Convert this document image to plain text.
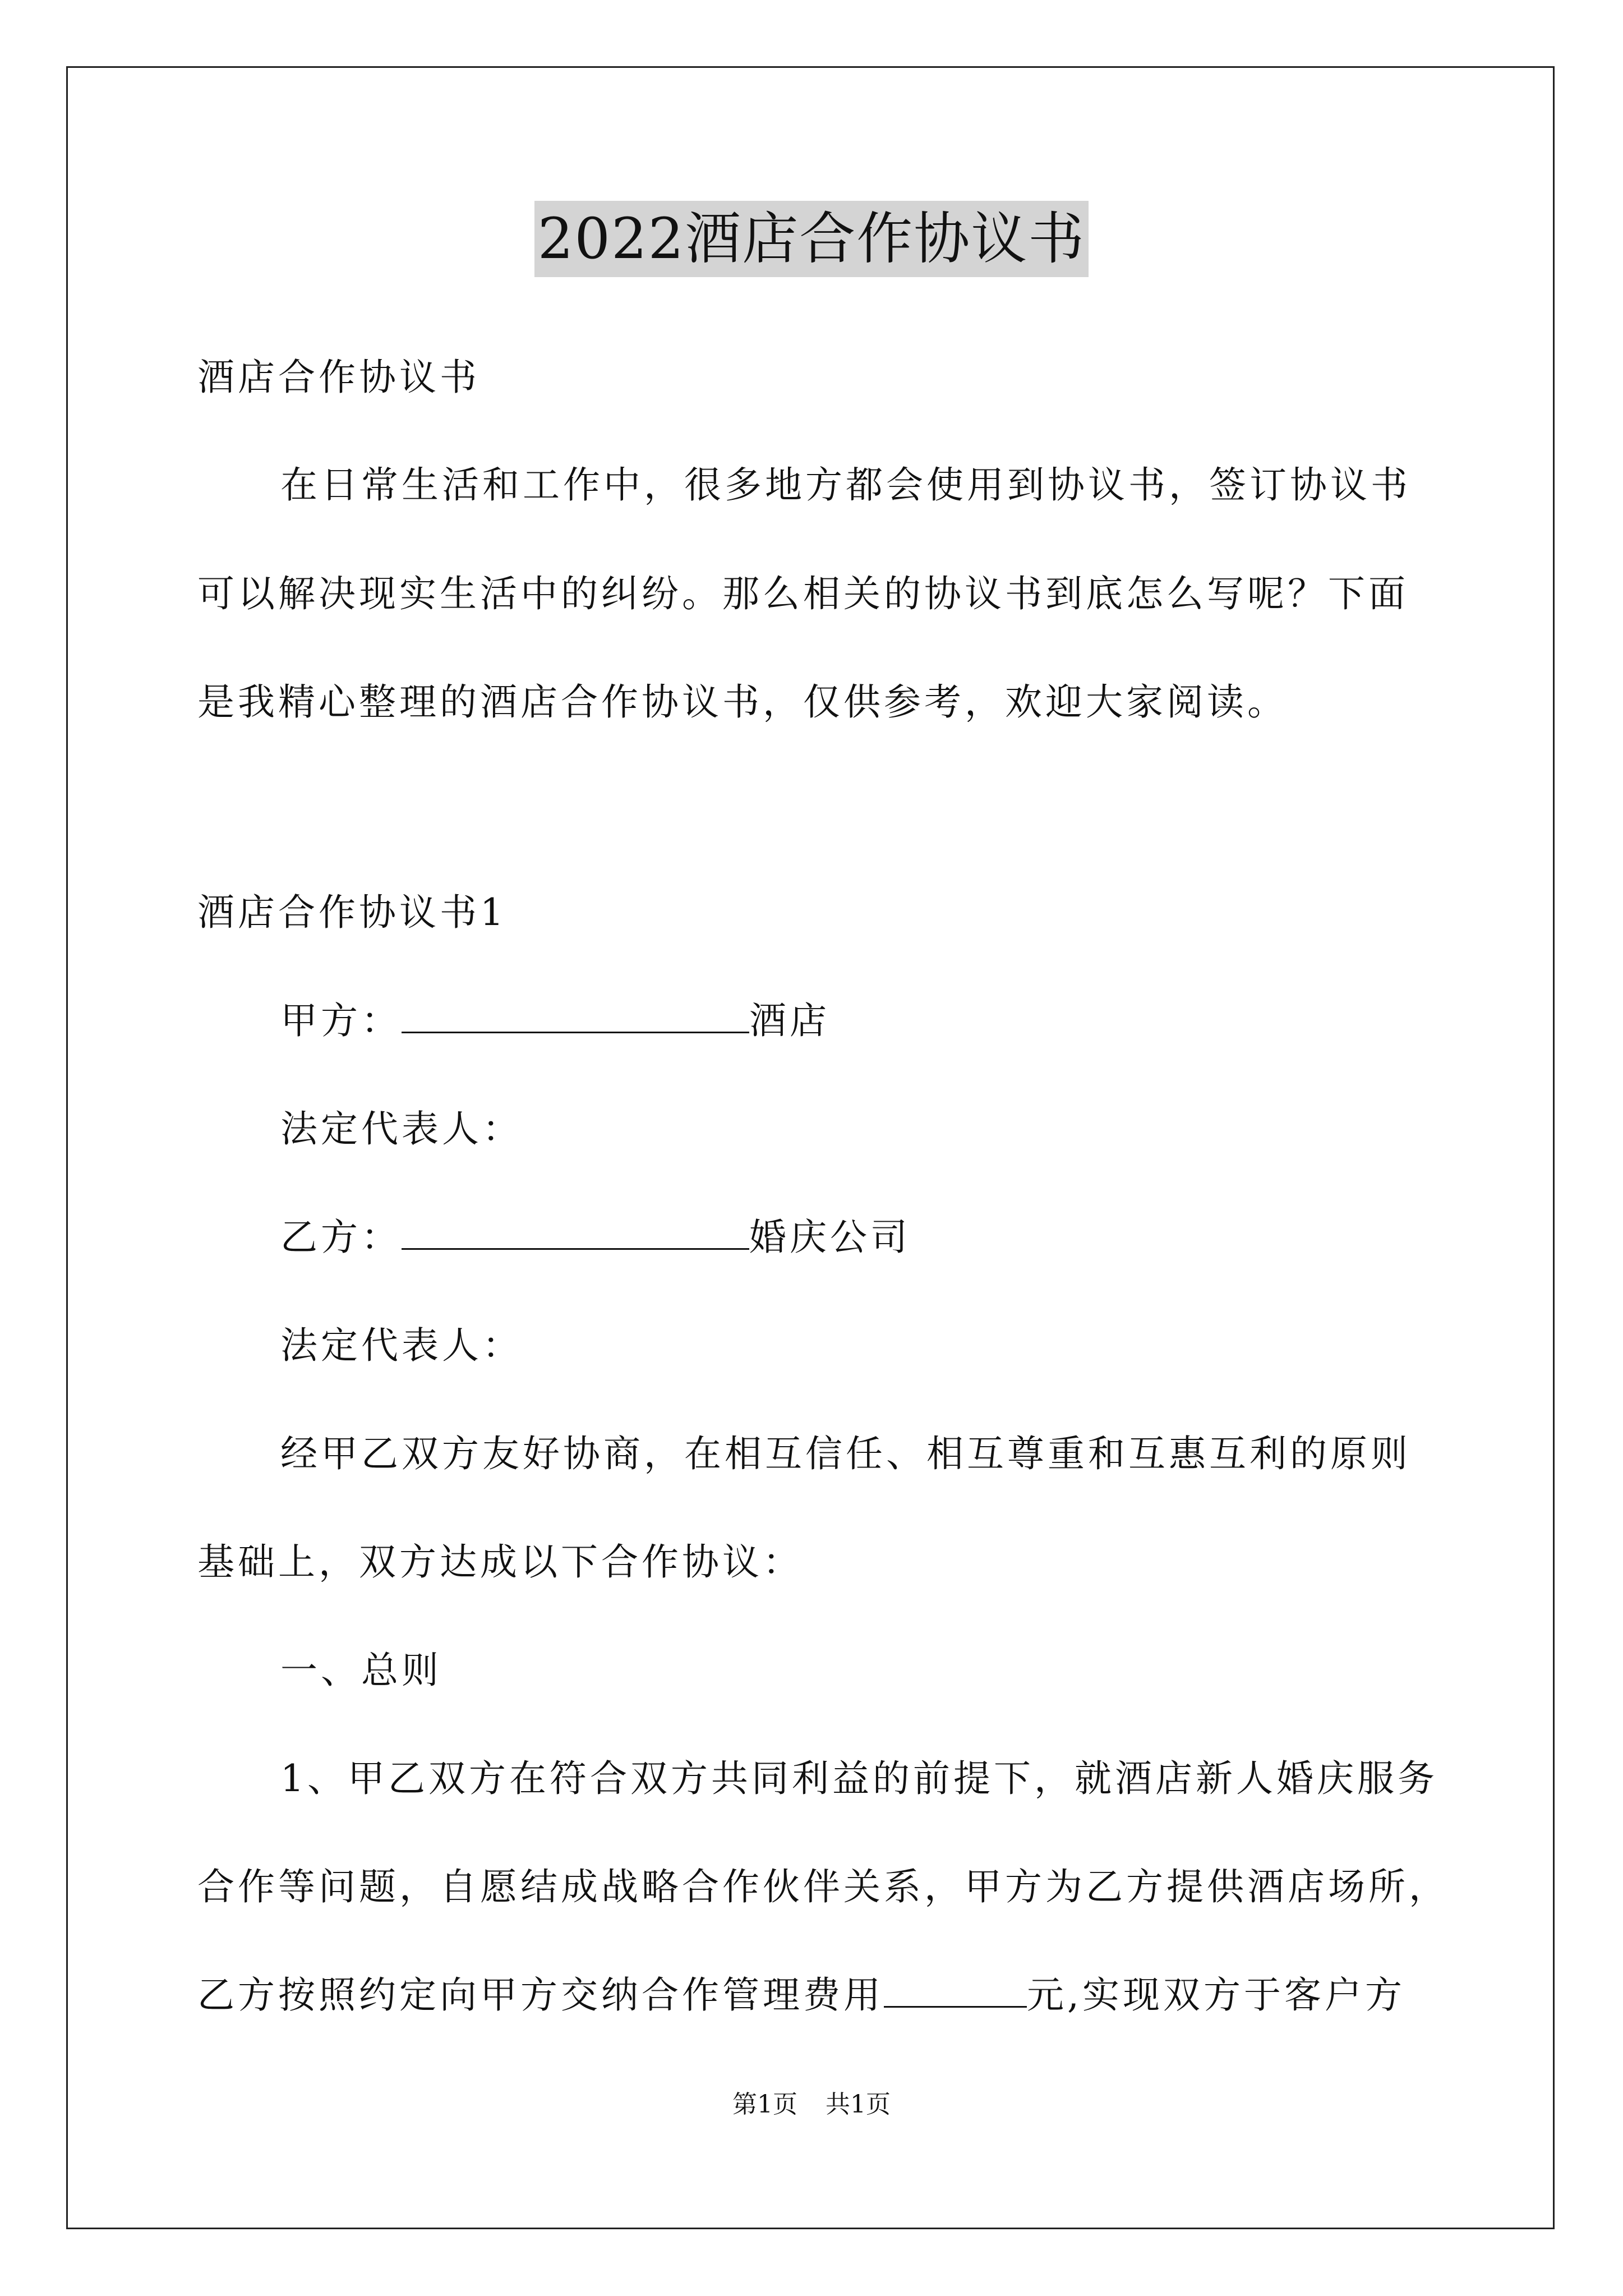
2022酒店合作协议书
酒店合作协议书
在日常生活和工作中，很多地方都会使用到协议书，签订协议书
可以解决现实生活中的纠纷。那么相关的协议书到底怎么写呢？下面
是我精心整理的酒店合作协议书，仅供参考，欢迎大家阅读。
酒店合作协议书1
甲方：	酒店
法定代表人：
乙方：	婚庆公司
法定代表人：
经甲乙双方友好协商，在相互信任、相互尊重和互惠互利的原则
基础上，双方达成以下合作协议：
一、总则
1、甲乙双方在符合双方共同利益的前提下，就酒店新人婚庆服务
合作等问题，自愿结成战略合作伙伴关系，甲方为乙方提供酒店场所，
乙方按照约定向甲方交纳合作管理费用	元,实现双方于客户方
第1页 共1页
